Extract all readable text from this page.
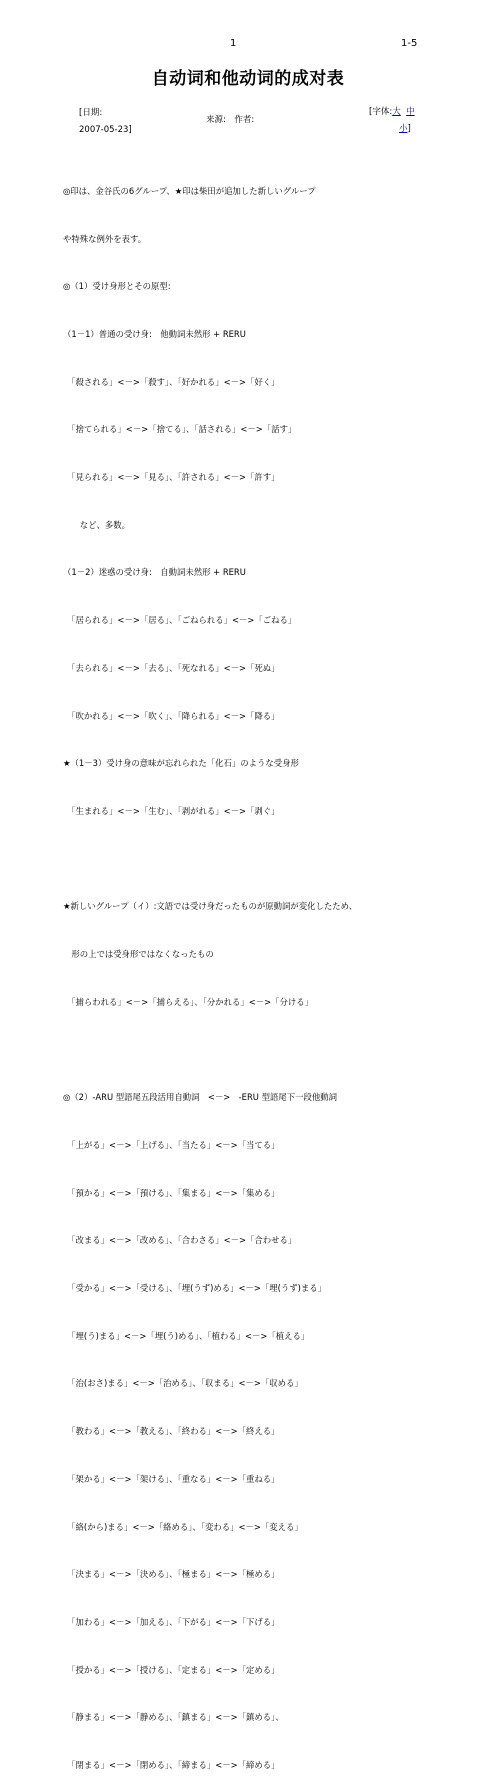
1	1-5
自动词和他动词的成对表
[日期:
2007-05-23]
来源:　作者:
[字体:大 中
小]

◎印は、金谷氏の6グループ、★印は柴田が追加した新しいグループ

や特殊な例外を表す。

◎（1）受け身形とその原型:

（1－1）普通の受け身:　他動詞未然形 + RERU

　「殺される」<－>「殺す」、「好かれる」<－>「好く」

　「捨てられる」<－>「捨てる」、「話される」<－>「話す」

　「見られる」<－>「見る」、「許される」<－>「許す」

　　など、多数。

（1－2）迷惑の受け身:　自動詞未然形 + RERU

　「居られる」<－>「居る」、「ごねられる」<－>「ごねる」

　「去られる」<－>「去る」、「死なれる」<－>「死ぬ」

　「吹かれる」<－>「吹く」、「降られる」<－>「降る」

★（1－3）受け身の意味が忘れられた「化石」のような受身形

　「生まれる」<－>「生む」、「剥がれる」<－>「剥ぐ」

★新しいグループ（イ）:文語では受け身だったものが原動詞が変化したため、

　形の上では受身形ではなくなったもの

　「捕らわれる」<－>「捕らえる」、「分かれる」<－>「分ける」

◎（2）-ARU 型語尾五段活用自動詞　<－>　-ERU 型語尾下一段他動詞

　「上がる」<－>「上げる」、「当たる」<－>「当てる」

　「預かる」<－>「預ける」、「集まる」<－>「集める」

　「改まる」<－>「改める」、「合わさる」<－>「合わせる」

　「受かる」<－>「受ける」、「埋(うず)める」<－>「埋(うず)まる」

　「埋(う)まる」<－>「埋(う)める」、「植わる」<－>「植える」

　「治(おさ)まる」<－>「治める」、「収まる」<－>「収める」

　「教わる」<－>「教える」、「終わる」<－>「終える」

　「架かる」<－>「架ける」、「重なる」<－>「重ねる」

　「絡(から)まる」<－>「絡める」、「変わる」<－>「変える」

　「決まる」<－>「決める」、「極まる」<－>「極める」

　「加わる」<－>「加える」、「下がる」<－>「下げる」

　「授かる」<－>「授ける」、「定まる」<－>「定める」

　「静まる」<－>「静める」、「鎮まる」<－>「鎮める」、

　「閉まる」<－>「閉める」、「締まる」<－>「締める」
